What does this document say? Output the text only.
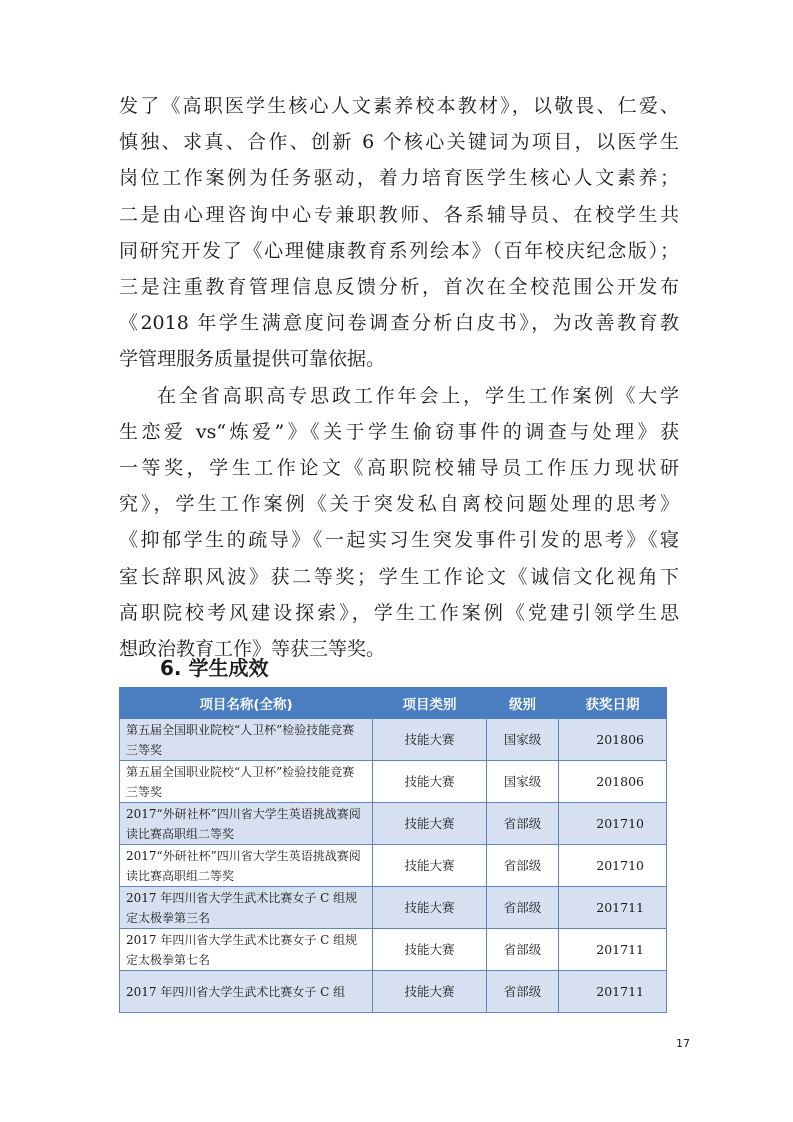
发了《高职医学生核心人文素养校本教材》，以敬畏、仁爱、

慎独、求真、合作、创新 6 个核心关键词为项目，以医学生

岗位工作案例为任务驱动，着力培育医学生核心人文素养；

二是由心理咨询中心专兼职教师、各系辅导员、在校学生共

同研究开发了《心理健康教育系列绘本》（百年校庆纪念版）；

三是注重教育管理信息反馈分析，首次在全校范围公开发布

《2018 年学生满意度问卷调查分析白皮书》，为改善教育教

学管理服务质量提供可靠依据。

在全省高职高专思政工作年会上，学生工作案例《大学

生恋爱 vs“炼爱”》《关于学生偷窃事件的调查与处理》获

一等奖，学生工作论文《高职院校辅导员工作压力现状研

究》，学生工作案例《关于突发私自离校问题处理的思考》

《抑郁学生的疏导》《一起实习生突发事件引发的思考》《寝

室长辞职风波》获二等奖；学生工作论文《诚信文化视角下

高职院校考风建设探索》，学生工作案例《党建引领学生思

想政治教育工作》等获三等奖。

6. 学生成效
项目名称(全称)	项目类别	级别	获奖日期
第五届全国职业院校“人卫杯”检验技能竞赛三等奖	技能大赛	国家级	201806
第五届全国职业院校“人卫杯”检验技能竞赛三等奖	技能大赛	国家级	201806
2017“外研社杯”四川省大学生英语挑战赛阅读比赛高职组二等奖	技能大赛	省部级	201710
2017“外研社杯”四川省大学生英语挑战赛阅读比赛高职组二等奖	技能大赛	省部级	201710
2017 年四川省大学生武术比赛女子 C 组规定太极拳第三名	技能大赛	省部级	201711
2017 年四川省大学生武术比赛女子 C 组规定太极拳第七名	技能大赛	省部级	201711
2017 年四川省大学生武术比赛女子 C 组	技能大赛	省部级	201711
17
